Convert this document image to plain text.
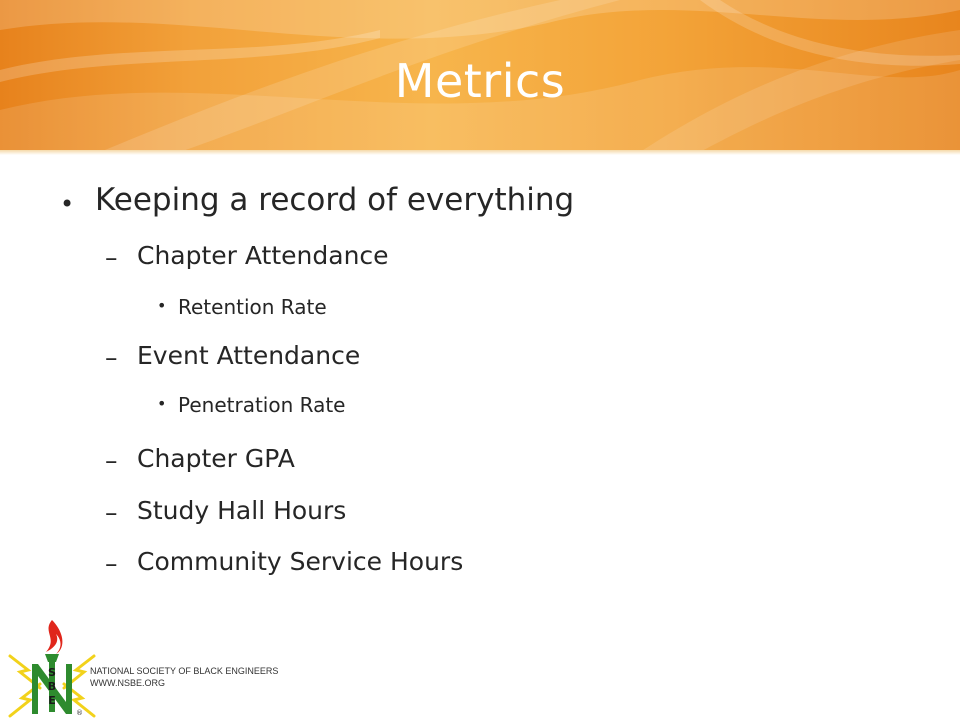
Metrics
• Keeping a record of everything
– Chapter Attendance
• Retention Rate
– Event Attendance
• Penetration Rate
– Chapter GPA
– Study Hall Hours
– Community Service Hours
S
B
E
®
NATIONAL SOCIETY OF BLACK ENGINEERS
WWW.NSBE.ORG
